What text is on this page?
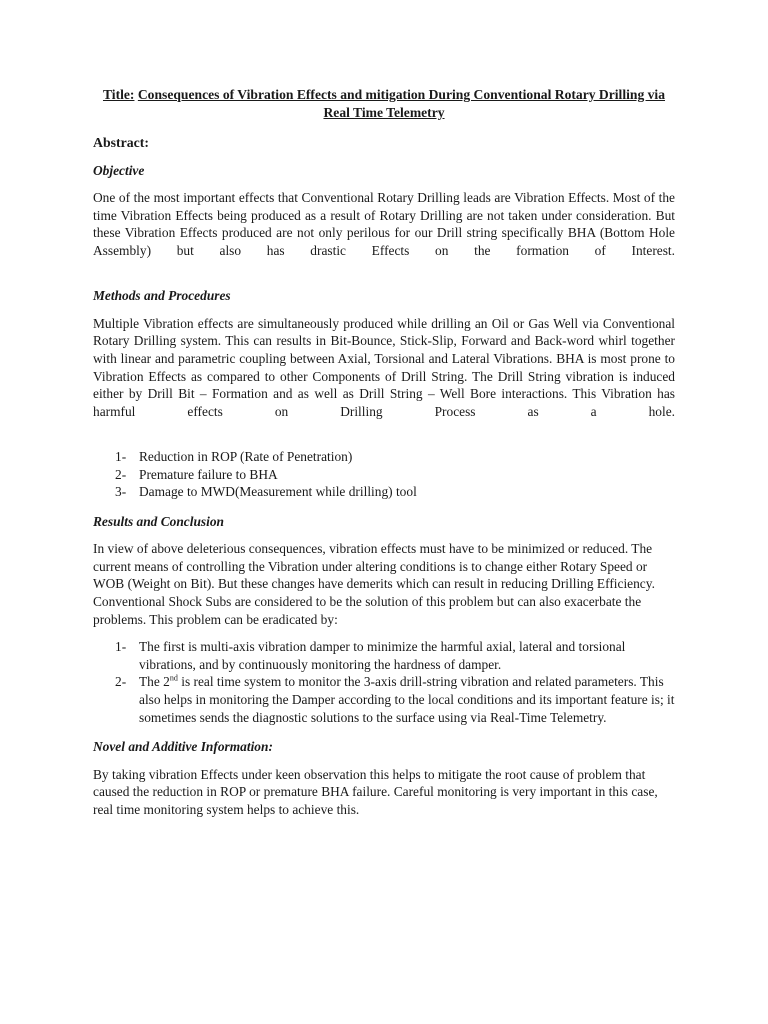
Title: Consequences of Vibration Effects and mitigation During Conventional Rotary Drilling via Real Time Telemetry
Abstract:
Objective

One of the most important effects that Conventional Rotary Drilling leads are Vibration Effects. Most of the time Vibration Effects being produced as a result of Rotary Drilling are not taken under consideration. But these Vibration Effects produced are not only perilous for our Drill string specifically BHA (Bottom Hole Assembly) but also has drastic Effects on the formation of Interest.

Methods and Procedures

Multiple Vibration effects are simultaneously produced while drilling an Oil or Gas Well via Conventional Rotary Drilling system. This can results in Bit-Bounce, Stick-Slip, Forward and Back-word whirl together with linear and parametric coupling between Axial, Torsional and Lateral Vibrations. BHA is most prone to Vibration Effects as compared to other Components of Drill String. The Drill String vibration is induced either by Drill Bit – Formation and as well as Drill String – Well Bore interactions. This Vibration has harmful effects on Drilling Process as a hole.

1- Reduction in ROP (Rate of Penetration)
2- Premature failure to BHA
3- Damage to MWD(Measurement while drilling) tool
Results and Conclusion

In view of above deleterious consequences, vibration effects must have to be minimized or reduced. The current means of controlling the Vibration under altering conditions is to change either Rotary Speed or WOB (Weight on Bit). But these changes have demerits which can result in reducing Drilling Efficiency. Conventional Shock Subs are considered to be the solution of this problem but can also exacerbate the problems. This problem can be eradicated by:

1- The first is multi-axis vibration damper to minimize the harmful axial, lateral and torsional vibrations, and by continuously monitoring the hardness of damper.
2- The 2nd is real time system to monitor the 3-axis drill-string vibration and related parameters. This also helps in monitoring the Damper according to the local conditions and its important feature is; it sometimes sends the diagnostic solutions to the surface using via Real-Time Telemetry.
Novel and Additive Information:

By taking vibration Effects under keen observation this helps to mitigate the root cause of problem that caused the reduction in ROP or premature BHA failure. Careful monitoring is very important in this case, real time monitoring system helps to achieve this.
